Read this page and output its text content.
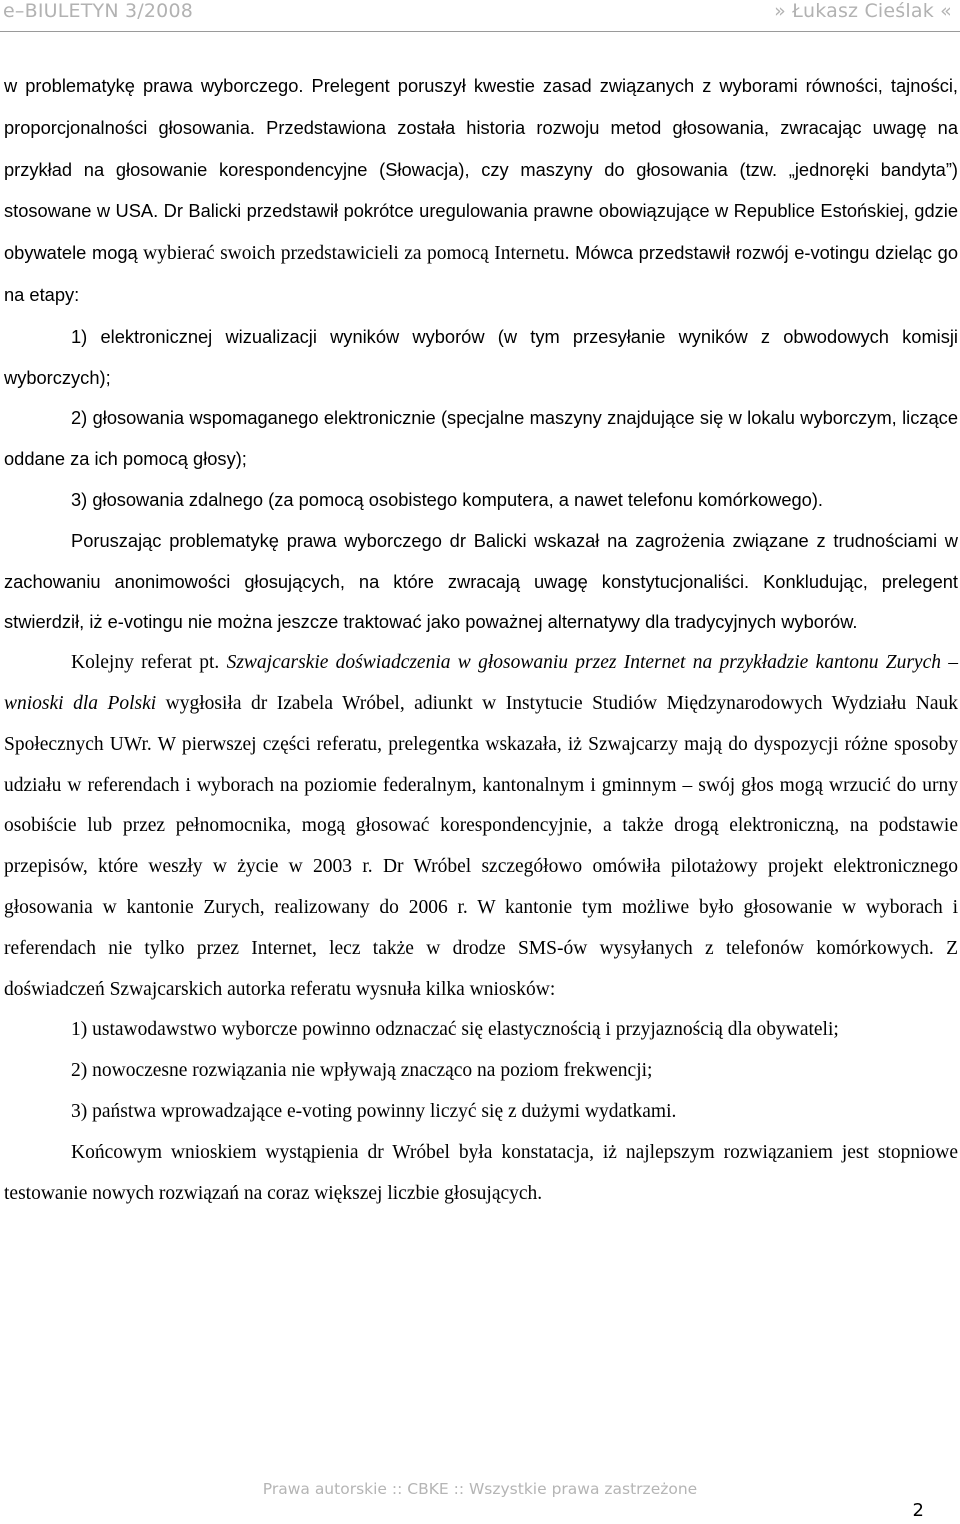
e–BIULETYN 3/2008	» Łukasz Cieślak «

w problematykę prawa wyborczego. Prelegent poruszył kwestie zasad związanych z wyborami równości, tajności, proporcjonalności głosowania. Przedstawiona została historia rozwoju metod głosowania, zwracając uwagę na przykład na głosowanie korespondencyjne (Słowacja), czy maszyny do głosowania (tzw. „jednoręki bandyta”) stosowane w USA. Dr Balicki przedstawił pokrótce uregulowania prawne obowiązujące w Republice Estońskiej, gdzie obywatele mogą wybierać swoich przedstawicieli za pomocą Internetu. Mówca przedstawił rozwój e-votingu dzieląc go na etapy:

1) elektronicznej wizualizacji wyników wyborów (w tym przesyłanie wyników z obwodowych komisji wyborczych);

2) głosowania wspomaganego elektronicznie (specjalne maszyny znajdujące się w lokalu wyborczym, liczące oddane za ich pomocą głosy);

3) głosowania zdalnego (za pomocą osobistego komputera, a nawet telefonu komórkowego).

Poruszając problematykę prawa wyborczego dr Balicki wskazał na zagrożenia związane z trudnościami w zachowaniu anonimowości głosujących, na które zwracają uwagę konstytucjonaliści. Konkludując, prelegent stwierdził, iż e-votingu nie można jeszcze traktować jako poważnej alternatywy dla tradycyjnych wyborów.

Kolejny referat pt. Szwajcarskie doświadczenia w głosowaniu przez Internet na przykładzie kantonu Zurych – wnioski dla Polski wygłosiła dr Izabela Wróbel, adiunkt w Instytucie Studiów Międzynarodowych Wydziału Nauk Społecznych UWr. W pierwszej części referatu, prelegentka wskazała, iż Szwajcarzy mają do dyspozycji różne sposoby udziału w referendach i wyborach na poziomie federalnym, kantonalnym i gminnym – swój głos mogą wrzucić do urny osobiście lub przez pełnomocnika, mogą głosować korespondencyjnie, a także drogą elektroniczną, na podstawie przepisów, które weszły w życie w 2003 r. Dr Wróbel szczegółowo omówiła pilotażowy projekt elektronicznego głosowania w kantonie Zurych, realizowany do 2006 r. W kantonie tym możliwe było głosowanie w wyborach i referendach nie tylko przez Internet, lecz także w drodze SMS-ów wysyłanych z telefonów komórkowych. Z doświadczeń Szwajcarskich autorka referatu wysnuła kilka wniosków:

1) ustawodawstwo wyborcze powinno odznaczać się elastycznością i przyjaznością dla obywateli;

2) nowoczesne rozwiązania nie wpływają znacząco na poziom frekwencji;

3) państwa wprowadzające e-voting powinny liczyć się z dużymi wydatkami.

Końcowym wnioskiem wystąpienia dr Wróbel była konstatacja, iż najlepszym rozwiązaniem jest stopniowe testowanie nowych rozwiązań na coraz większej liczbie głosujących.

Prawa autorskie :: CBKE :: Wszystkie prawa zastrzeżone
2
